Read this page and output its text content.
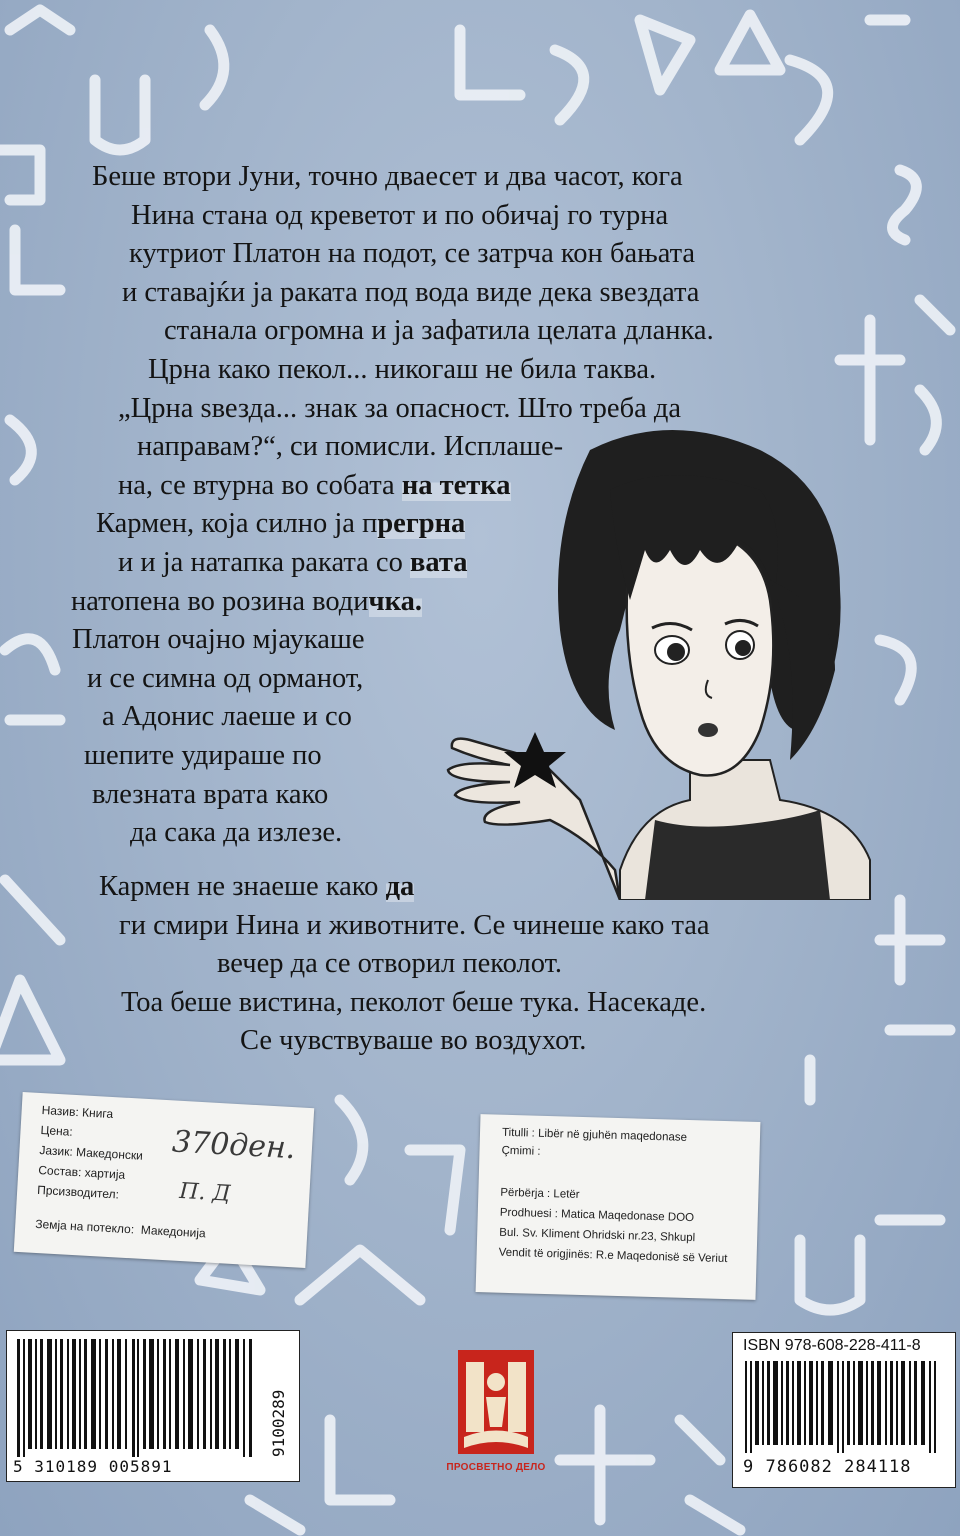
Беше втори Јуни, точно дваесет и два часот, кога
Нина стана од креветот и по обичај го турна
кутриот Платон на подот, се затрча кон бањата
и ставајќи ја раката под вода виде дека ѕвездата
станала огромна и ја зафатила целата дланка.
Црна како пекол... никогаш не била таква.
„Црна ѕвезда... знак за опасност. Што треба да
направам?“, си помисли. Исплаше-
на, се втурна во собата на тетка
Кармен, која силно ја прегрна
и и ја натапка раката со вата
натопена во розина водичка.
Платон очајно мјаукаше
и се симна од орманот,
а Адонис лаеше и со
шепите удираше по
влезната врата како
да сака да излезе.
Кармен не знаеше како да
ги смири Нина и животните. Се чинеше како таа
вечер да се отворил пеколот.
Тоа беше вистина, пеколот беше тука. Насекаде.
Се чувствуваше во воздухот.
Назив: Книга
Цена:
Јазик: Македонски
Состав: хартија
Прсизводител:
Земја на потекло: Македонија
370ден.
П. Д
Titulli : Libër në gjuhën maqedonase
Çmimi :
Përbërja : Letër
Prodhuesi : Matica Maqedonase DOO
Bul. Sv. Kliment Ohridski nr.23, Shkupl
Vendit të origjinës: R.e Maqedonisë së Veriut
5 310189 005891
9100289
ПРОСВЕТНО ДЕЛО
ISBN 978-608-228-411-8
9 786082 284118
